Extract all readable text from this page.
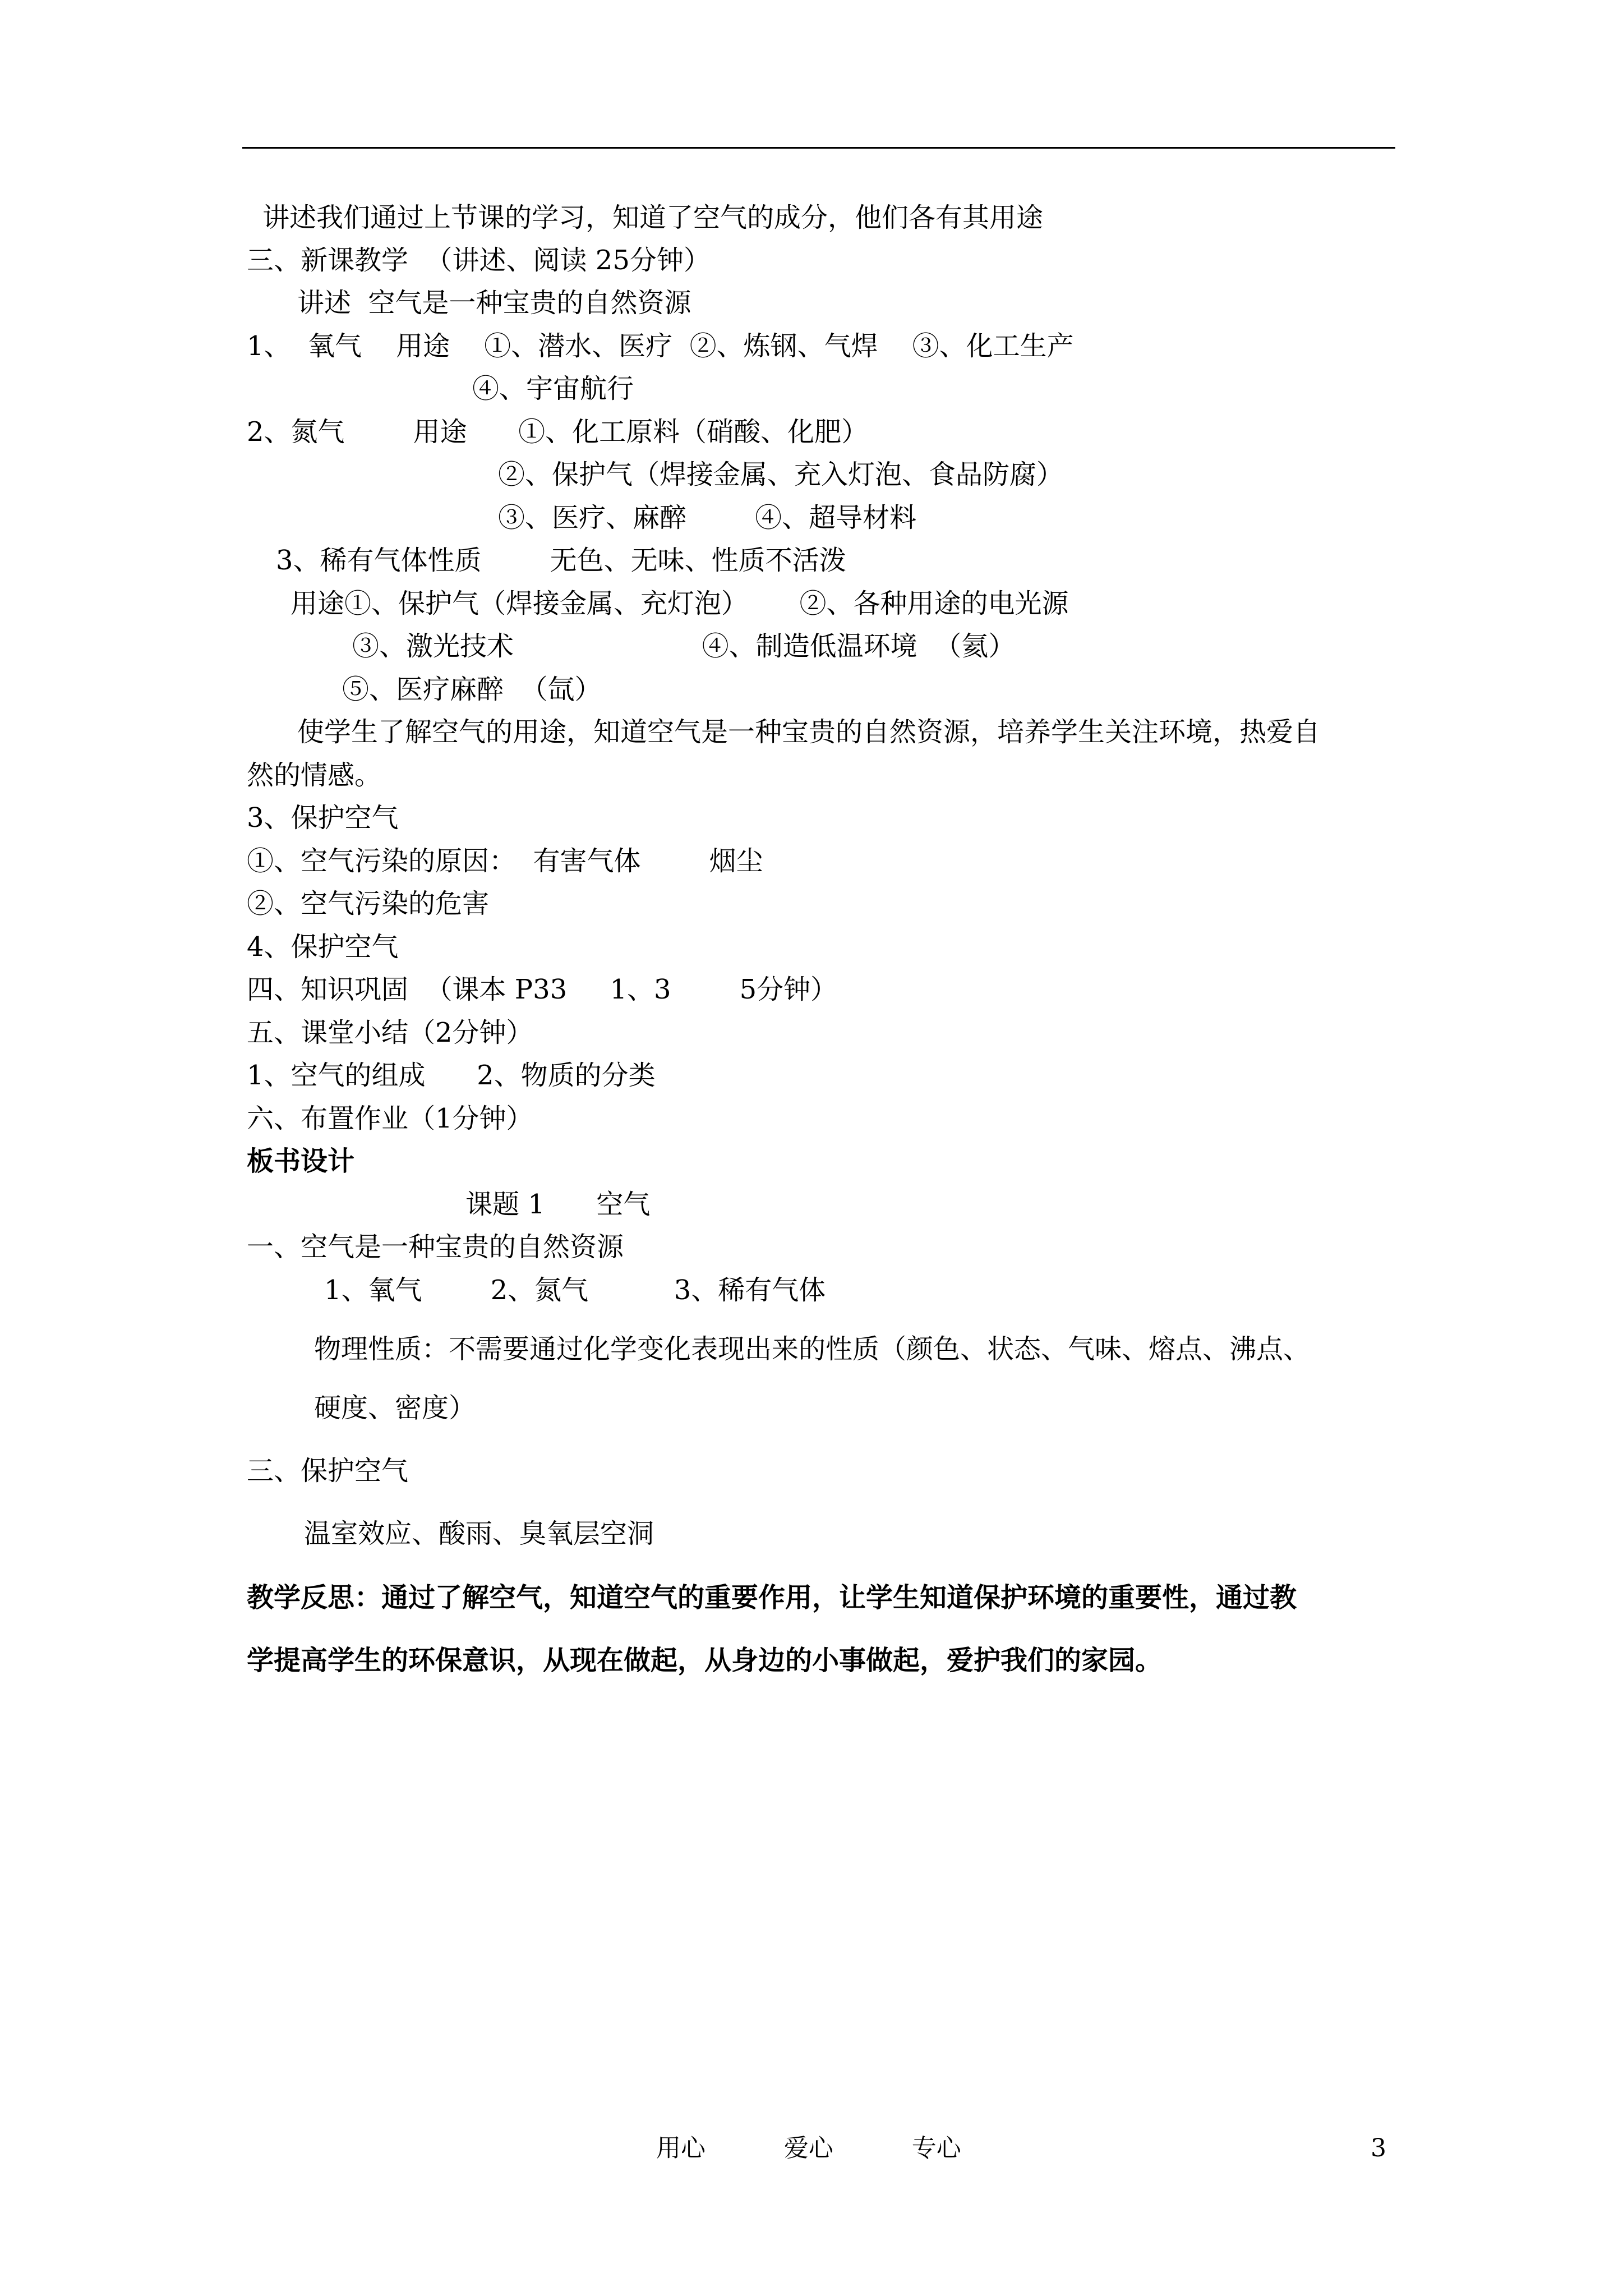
讲述我们通过上节课的学习，知道了空气的成分，他们各有其用途
三、新课教学  （讲述、阅读 25分钟）
讲述  空气是一种宝贵的自然资源
1、  氧气    用途    ①、潜水、医疗  ②、炼钢、气焊    ③、化工生产
④、宇宙航行
2、氮气        用途      ①、化工原料（硝酸、化肥）
②、保护气（焊接金属、充入灯泡、食品防腐）
③、医疗、麻醉        ④、超导材料
3、稀有气体性质        无色、无味、性质不活泼
用途①、保护气（焊接金属、充灯泡）      ②、各种用途的电光源
③、激光技术                      ④、制造低温环境  （氦）
⑤、医疗麻醉  （氙）
使学生了解空气的用途，知道空气是一种宝贵的自然资源，培养学生关注环境，热爱自
然的情感。
3、保护空气
①、空气污染的原因：  有害气体        烟尘
②、空气污染的危害
4、保护空气
四、知识巩固  （课本 P33     1、3        5分钟）
五、课堂小结（2分钟）
1、空气的组成      2、物质的分类
六、布置作业（1分钟）
板书设计
课题 1      空气
一、空气是一种宝贵的自然资源
1、氧气        2、氮气          3、稀有气体
物理性质：不需要通过化学变化表现出来的性质（颜色、状态、气味、熔点、沸点、
硬度、密度）
三、保护空气
温室效应、酸雨、臭氧层空洞
教学反思：通过了解空气，知道空气的重要作用，让学生知道保护环境的重要性，通过教
学提高学生的环保意识，从现在做起，从身边的小事做起，爱护我们的家园。
用心          爱心          专心	3
